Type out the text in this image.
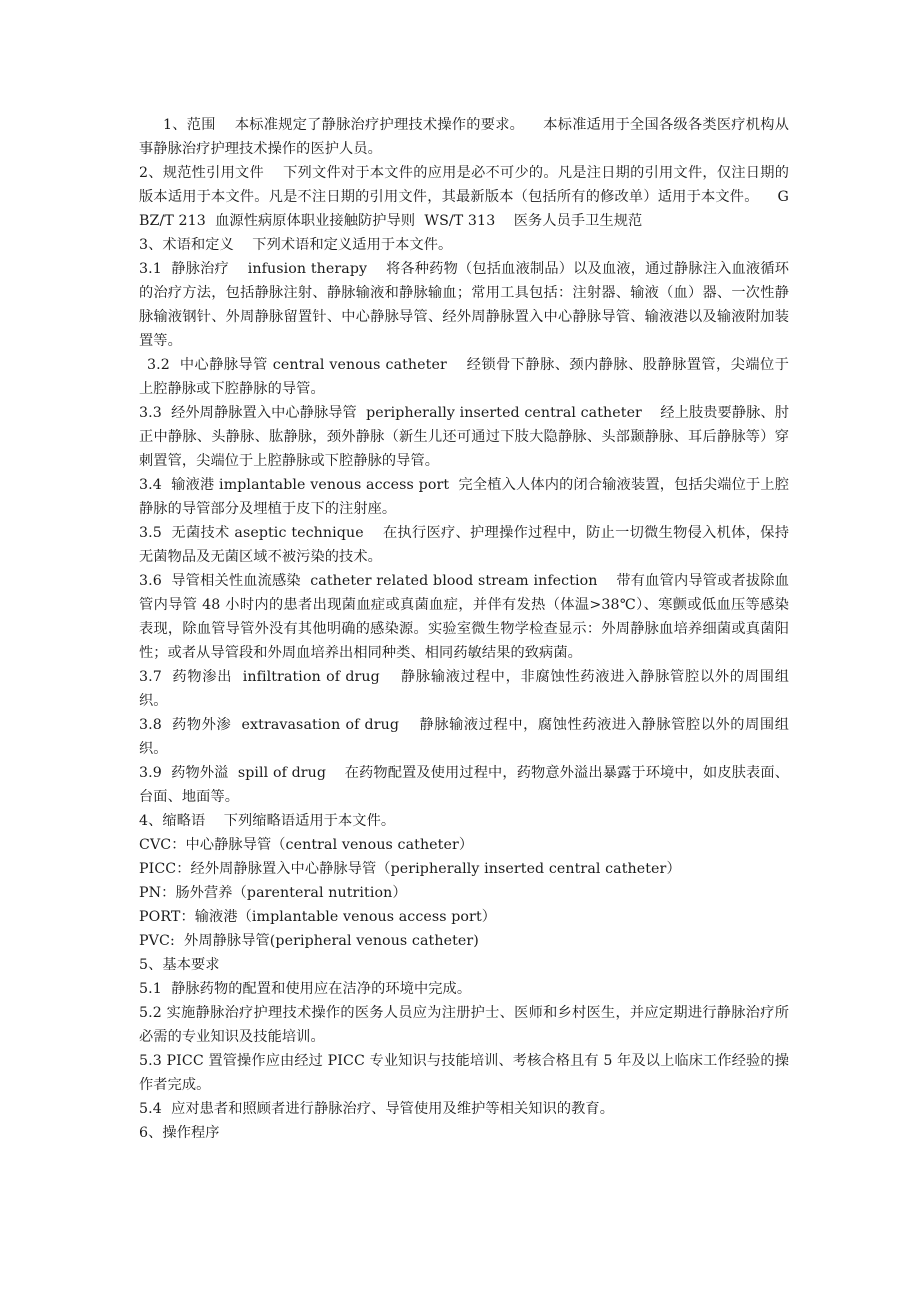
1、范围    本标准规定了静脉治疗护理技术操作的要求。    本标准适用于全国各级各类医疗机构从事静脉治疗护理技术操作的医护人员。

2、规范性引用文件    下列文件对于本文件的应用是必不可少的。凡是注日期的引用文件，仅注日期的版本适用于本文件。凡是不注日期的引用文件，其最新版本（包括所有的修改单）适用于本文件。    GBZ/T 213  血源性病原体职业接触防护导则  WS/T 313    医务人员手卫生规范

3、术语和定义    下列术语和定义适用于本文件。

3.1  静脉治疗    infusion therapy    将各种药物（包括血液制品）以及血液，通过静脉注入血液循环的治疗方法，包括静脉注射、静脉输液和静脉输血；常用工具包括：注射器、输液（血）器、一次性静脉输液钢针、外周静脉留置针、中心静脉导管、经外周静脉置入中心静脉导管、输液港以及输液附加装置等。

3.2  中心静脉导管 central venous catheter    经锁骨下静脉、颈内静脉、股静脉置管，尖端位于上腔静脉或下腔静脉的导管。

3.3  经外周静脉置入中心静脉导管  peripherally inserted central catheter    经上肢贵要静脉、肘正中静脉、头静脉、肱静脉，颈外静脉（新生儿还可通过下肢大隐静脉、头部颞静脉、耳后静脉等）穿刺置管，尖端位于上腔静脉或下腔静脉的导管。

3.4  输液港 implantable venous access port  完全植入人体内的闭合输液装置，包括尖端位于上腔静脉的导管部分及埋植于皮下的注射座。

3.5  无菌技术 aseptic technique    在执行医疗、护理操作过程中，防止一切微生物侵入机体，保持无菌物品及无菌区域不被污染的技术。

3.6  导管相关性血流感染  catheter related blood stream infection    带有血管内导管或者拔除血管内导管 48 小时内的患者出现菌血症或真菌血症，并伴有发热（体温>38℃）、寒颤或低血压等感染表现，除血管导管外没有其他明确的感染源。实验室微生物学检查显示：外周静脉血培养细菌或真菌阳性；或者从导管段和外周血培养出相同种类、相同药敏结果的致病菌。

3.7  药物渗出  infiltration of drug    静脉输液过程中，非腐蚀性药液进入静脉管腔以外的周围组织。

3.8  药物外渗  extravasation of drug    静脉输液过程中，腐蚀性药液进入静脉管腔以外的周围组织。

3.9  药物外溢  spill of drug    在药物配置及使用过程中，药物意外溢出暴露于环境中，如皮肤表面、台面、地面等。

4、缩略语    下列缩略语适用于本文件。

CVC：中心静脉导管（central venous catheter）

PICC：经外周静脉置入中心静脉导管（peripherally inserted central catheter）

PN：肠外营养（parenteral nutrition）

PORT：输液港（implantable venous access port）

PVC:  外周静脉导管(peripheral venous catheter)

5、基本要求

5.1  静脉药物的配置和使用应在洁净的环境中完成。

5.2 实施静脉治疗护理技术操作的医务人员应为注册护士、医师和乡村医生，并应定期进行静脉治疗所必需的专业知识及技能培训。

5.3 PICC 置管操作应由经过 PICC 专业知识与技能培训、考核合格且有 5 年及以上临床工作经验的操作者完成。

5.4  应对患者和照顾者进行静脉治疗、导管使用及维护等相关知识的教育。

6、操作程序
